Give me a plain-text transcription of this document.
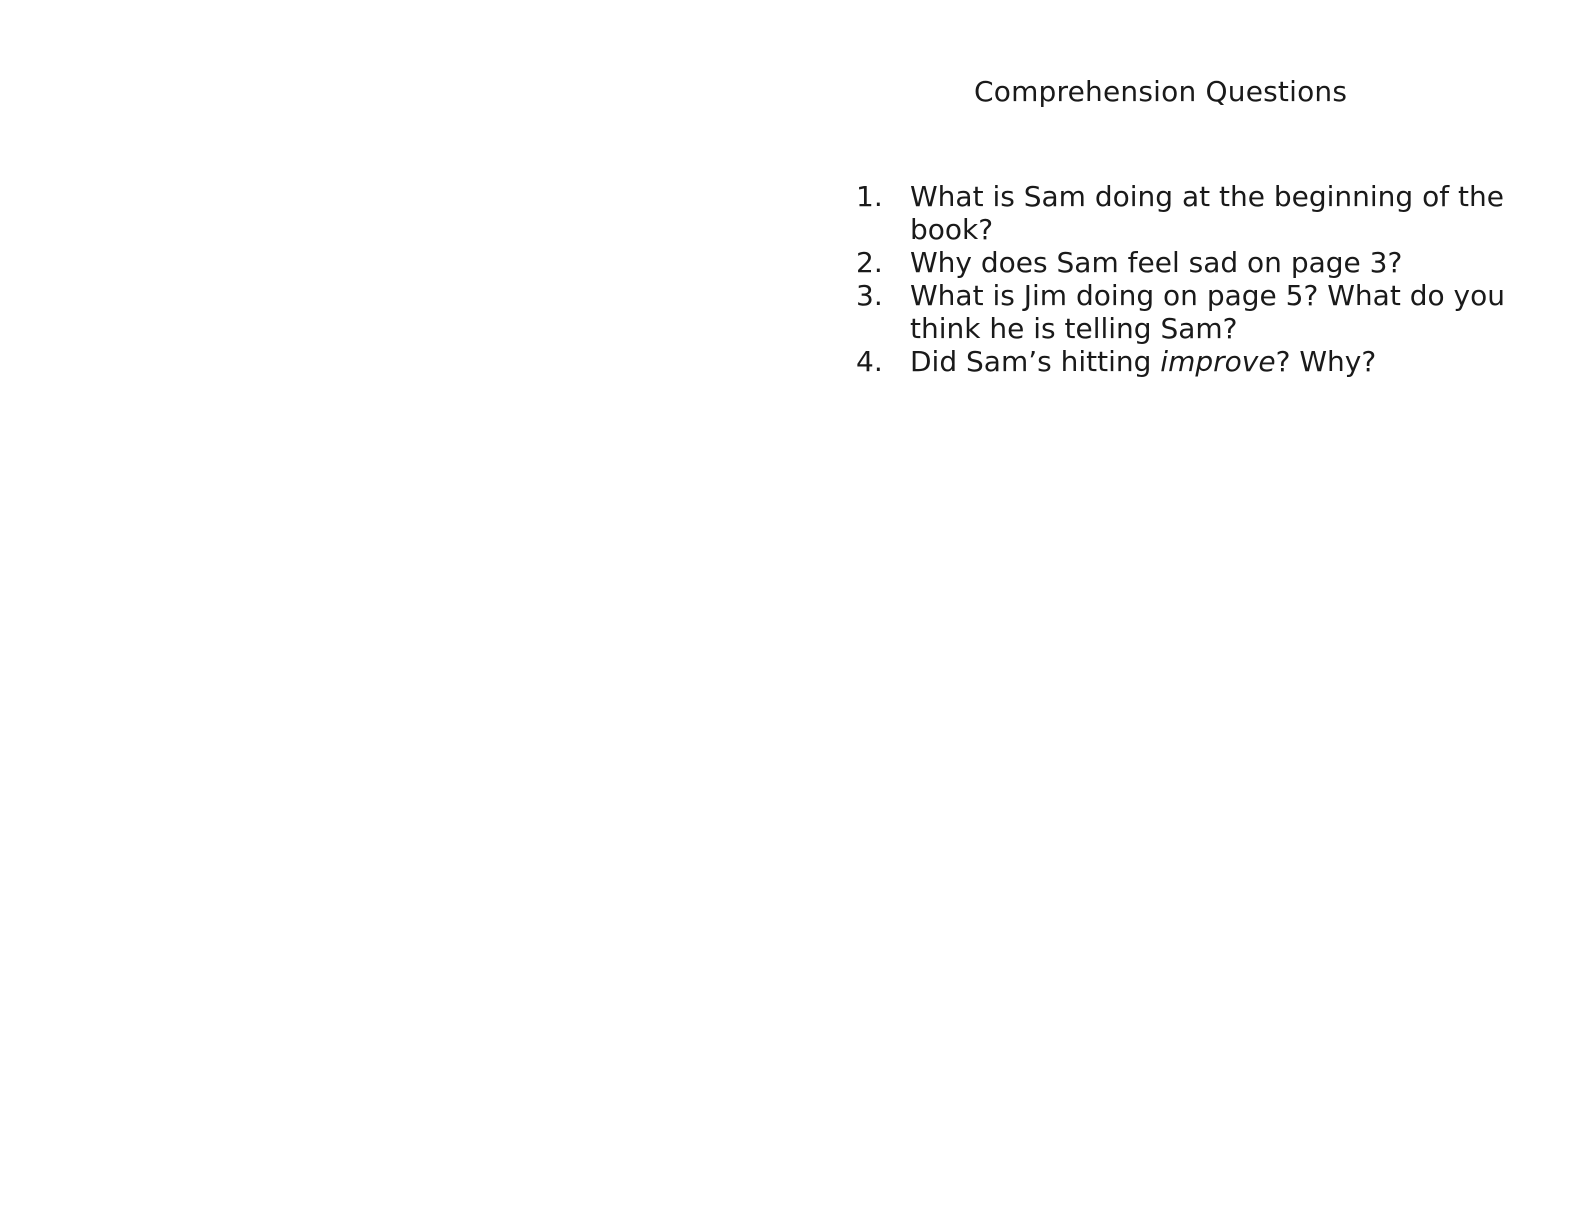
Comprehension Questions
1. What is Sam doing at the beginning of the book?
2. Why does Sam feel sad on page 3?
3. What is Jim doing on page 5? What do you think he is telling Sam?
4. Did Sam’s hitting improve? Why?
